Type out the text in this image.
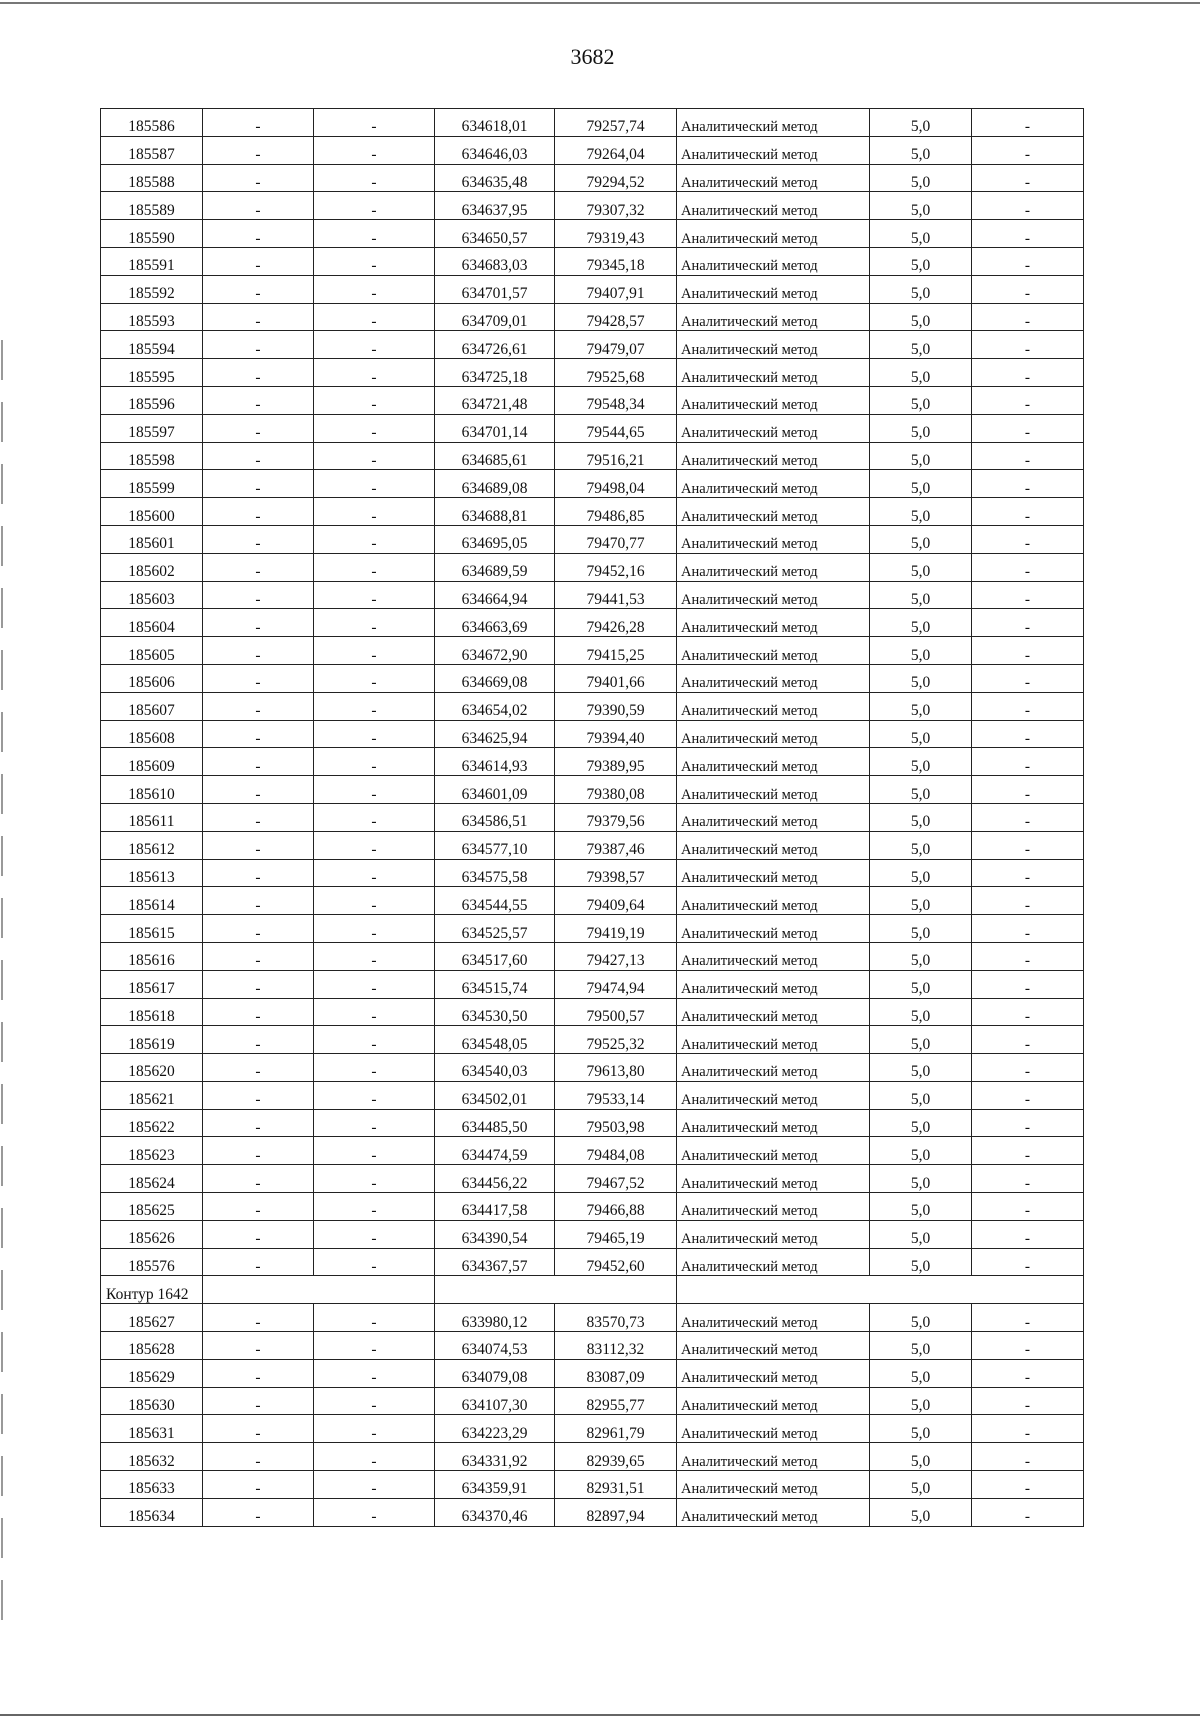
3682
185586	-	-	634618,01	79257,74	Аналитический метод	5,0	-
185587	-	-	634646,03	79264,04	Аналитический метод	5,0	-
185588	-	-	634635,48	79294,52	Аналитический метод	5,0	-
185589	-	-	634637,95	79307,32	Аналитический метод	5,0	-
185590	-	-	634650,57	79319,43	Аналитический метод	5,0	-
185591	-	-	634683,03	79345,18	Аналитический метод	5,0	-
185592	-	-	634701,57	79407,91	Аналитический метод	5,0	-
185593	-	-	634709,01	79428,57	Аналитический метод	5,0	-
185594	-	-	634726,61	79479,07	Аналитический метод	5,0	-
185595	-	-	634725,18	79525,68	Аналитический метод	5,0	-
185596	-	-	634721,48	79548,34	Аналитический метод	5,0	-
185597	-	-	634701,14	79544,65	Аналитический метод	5,0	-
185598	-	-	634685,61	79516,21	Аналитический метод	5,0	-
185599	-	-	634689,08	79498,04	Аналитический метод	5,0	-
185600	-	-	634688,81	79486,85	Аналитический метод	5,0	-
185601	-	-	634695,05	79470,77	Аналитический метод	5,0	-
185602	-	-	634689,59	79452,16	Аналитический метод	5,0	-
185603	-	-	634664,94	79441,53	Аналитический метод	5,0	-
185604	-	-	634663,69	79426,28	Аналитический метод	5,0	-
185605	-	-	634672,90	79415,25	Аналитический метод	5,0	-
185606	-	-	634669,08	79401,66	Аналитический метод	5,0	-
185607	-	-	634654,02	79390,59	Аналитический метод	5,0	-
185608	-	-	634625,94	79394,40	Аналитический метод	5,0	-
185609	-	-	634614,93	79389,95	Аналитический метод	5,0	-
185610	-	-	634601,09	79380,08	Аналитический метод	5,0	-
185611	-	-	634586,51	79379,56	Аналитический метод	5,0	-
185612	-	-	634577,10	79387,46	Аналитический метод	5,0	-
185613	-	-	634575,58	79398,57	Аналитический метод	5,0	-
185614	-	-	634544,55	79409,64	Аналитический метод	5,0	-
185615	-	-	634525,57	79419,19	Аналитический метод	5,0	-
185616	-	-	634517,60	79427,13	Аналитический метод	5,0	-
185617	-	-	634515,74	79474,94	Аналитический метод	5,0	-
185618	-	-	634530,50	79500,57	Аналитический метод	5,0	-
185619	-	-	634548,05	79525,32	Аналитический метод	5,0	-
185620	-	-	634540,03	79613,80	Аналитический метод	5,0	-
185621	-	-	634502,01	79533,14	Аналитический метод	5,0	-
185622	-	-	634485,50	79503,98	Аналитический метод	5,0	-
185623	-	-	634474,59	79484,08	Аналитический метод	5,0	-
185624	-	-	634456,22	79467,52	Аналитический метод	5,0	-
185625	-	-	634417,58	79466,88	Аналитический метод	5,0	-
185626	-	-	634390,54	79465,19	Аналитический метод	5,0	-
185576	-	-	634367,57	79452,60	Аналитический метод	5,0	-
Контур 1642							
185627	-	-	633980,12	83570,73	Аналитический метод	5,0	-
185628	-	-	634074,53	83112,32	Аналитический метод	5,0	-
185629	-	-	634079,08	83087,09	Аналитический метод	5,0	-
185630	-	-	634107,30	82955,77	Аналитический метод	5,0	-
185631	-	-	634223,29	82961,79	Аналитический метод	5,0	-
185632	-	-	634331,92	82939,65	Аналитический метод	5,0	-
185633	-	-	634359,91	82931,51	Аналитический метод	5,0	-
185634	-	-	634370,46	82897,94	Аналитический метод	5,0	-
